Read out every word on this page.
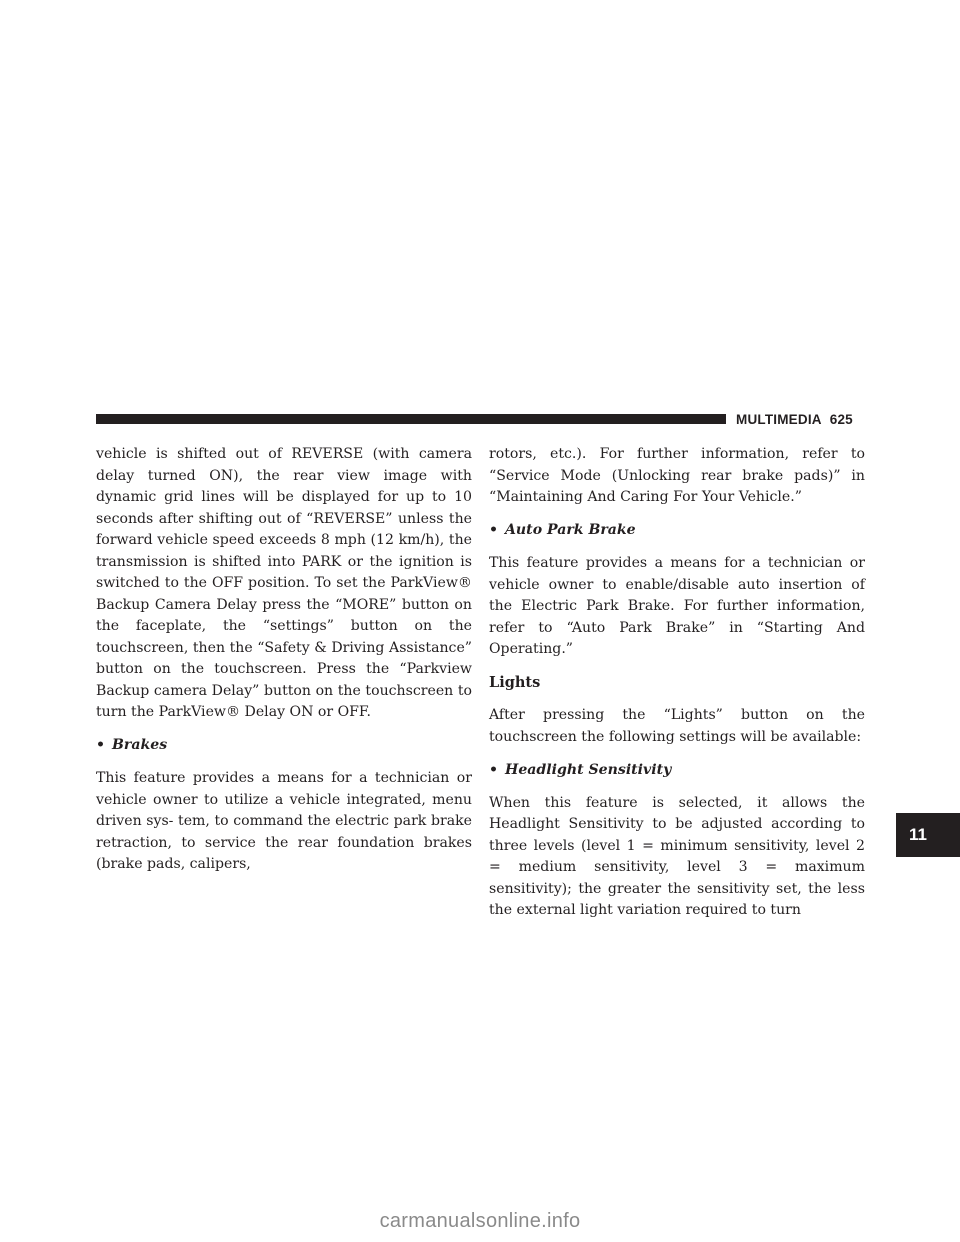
MULTIMEDIA 625

vehicle is shifted out of REVERSE (with camera delay turned ON), the rear view image with dynamic grid lines will be displayed for up to 10 seconds after shifting out of “REVERSE” unless the forward vehicle speed exceeds 8 mph (12 km/h), the transmission is shifted into PARK or the ignition is switched to the OFF position. To set the ParkView® Backup Camera Delay press the “MORE” button on the faceplate, the “settings” button on the touchscreen, then the “Safety & Driving Assistance” button on the touchscreen. Press the “Parkview Backup camera Delay” button on the touchscreen to turn the ParkView® Delay ON or OFF.

• Brakes

This feature provides a means for a technician or vehicle owner to utilize a vehicle integrated, menu driven sys- tem, to command the electric park brake retraction, to service the rear foundation brakes (brake pads, calipers,

rotors, etc.). For further information, refer to “Service Mode (Unlocking rear brake pads)” in “Maintaining And Caring For Your Vehicle.”

• Auto Park Brake

This feature provides a means for a technician or vehicle owner to enable/disable auto insertion of the Electric Park Brake. For further information, refer to “Auto Park Brake” in “Starting And Operating.”

Lights

After pressing the “Lights” button on the touchscreen the following settings will be available:

• Headlight Sensitivity

When this feature is selected, it allows the Headlight Sensitivity to be adjusted according to three levels (level 1 = minimum sensitivity, level 2 = medium sensitivity, level 3 = maximum sensitivity); the greater the sensitivity set, the less the external light variation required to turn

11
carmanualsonline.info
